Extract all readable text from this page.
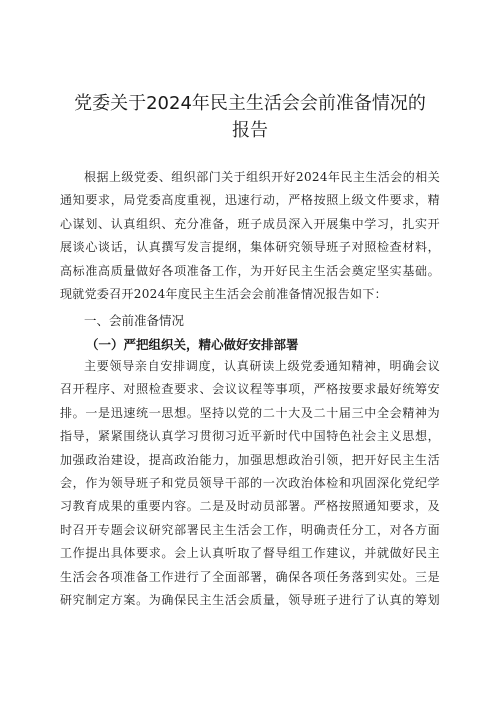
党委关于2024年民主生活会会前准备情况的
报告
根据上级党委、组织部门关于组织开好2024年民主生活会的相关
通知要求，局党委高度重视，迅速行动，严格按照上级文件要求，精
心谋划、认真组织、充分准备，班子成员深入开展集中学习，扎实开
展谈心谈话，认真撰写发言提纲，集体研究领导班子对照检查材料，
高标准高质量做好各项准备工作，为开好民主生活会奠定坚实基础。
现就党委召开2024年度民主生活会会前准备情况报告如下：
一、会前准备情况
（一）严把组织关，精心做好安排部署
主要领导亲自安排调度，认真研读上级党委通知精神，明确会议
召开程序、对照检查要求、会议议程等事项，严格按要求最好统筹安
排。一是迅速统一思想。坚持以党的二十大及二十届三中全会精神为
指导，紧紧围绕认真学习贯彻习近平新时代中国特色社会主义思想，
加强政治建设，提高政治能力，加强思想政治引领，把开好民主生活
会，作为领导班子和党员领导干部的一次政治体检和巩固深化党纪学
习教育成果的重要内容。二是及时动员部署。严格按照通知要求，及
时召开专题会议研究部署民主生活会工作，明确责任分工，对各方面
工作提出具体要求。会上认真听取了督导组工作建议，并就做好民主
生活会各项准备工作进行了全面部署，确保各项任务落到实处。三是
研究制定方案。为确保民主生活会质量，领导班子进行了认真的筹划
